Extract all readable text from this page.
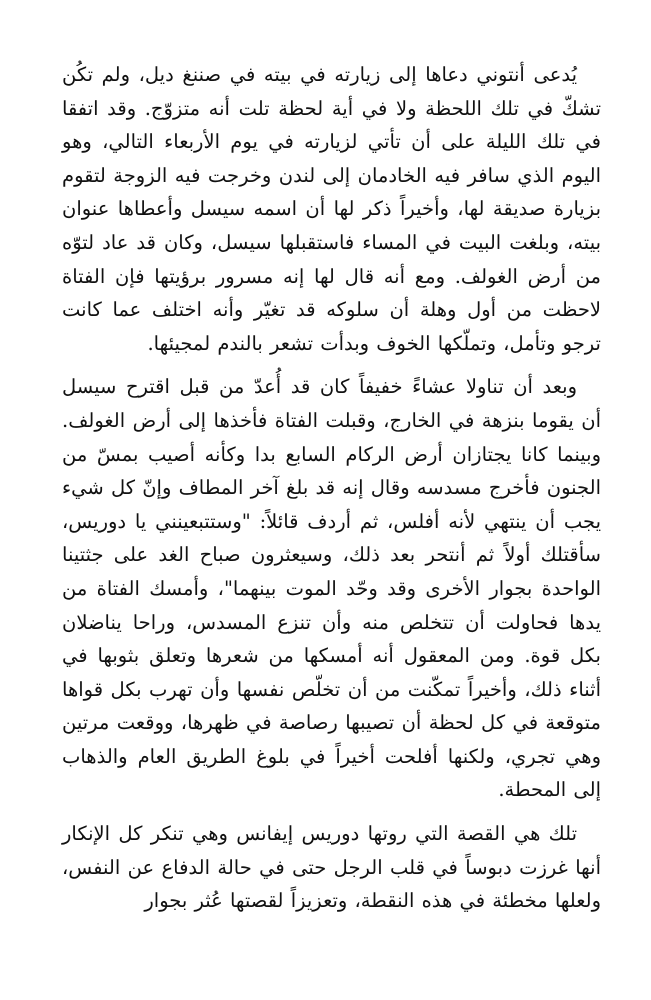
يُدعى أنتوني دعاها إلى زيارته في بيته في صننغ ديل، ولم تكُن تشكّ في تلك اللحظة ولا في أية لحظة تلت أنه متزوّج. وقد اتفقا في تلك الليلة على أن تأتي لزيارته في يوم الأربعاء التالي، وهو اليوم الذي سافر فيه الخادمان إلى لندن وخرجت فيه الزوجة لتقوم بزيارة صديقة لها، وأخيراً ذكر لها أن اسمه سيسل وأعطاها عنوان بيته، وبلغت البيت في المساء فاستقبلها سيسل، وكان قد عاد لتوّه من أرض الغولف. ومع أنه قال لها إنه مسرور برؤيتها فإن الفتاة لاحظت من أول وهلة أن سلوكه قد تغيّر وأنه اختلف عما كانت ترجو وتأمل، وتملّكها الخوف وبدأت تشعر بالندم لمجيئها.

وبعد أن تناولا عشاءً خفيفاً كان قد أُعدّ من قبل اقترح سيسل أن يقوما بنزهة في الخارج، وقبلت الفتاة فأخذها إلى أرض الغولف. وبينما كانا يجتازان أرض الركام السابع بدا وكأنه أصيب بمسّ من الجنون فأخرج مسدسه وقال إنه قد بلغ آخر المطاف وإنّ كل شيء يجب أن ينتهي لأنه أفلس، ثم أردف قائلاً: "وستتبعينني يا دوريس، سأقتلك أولاً ثم أنتحر بعد ذلك، وسيعثرون صباح الغد على جثتينا الواحدة بجوار الأخرى وقد وحّد الموت بينهما"، وأمسك الفتاة من يدها فحاولت أن تتخلص منه وأن تنزع المسدس، وراحا يناضلان بكل قوة. ومن المعقول أنه أمسكها من شعرها وتعلق بثوبها في أثناء ذلك، وأخيراً تمكّنت من أن تخلّص نفسها وأن تهرب بكل قواها متوقعة في كل لحظة أن تصيبها رصاصة في ظهرها، ووقعت مرتين وهي تجري، ولكنها أفلحت أخيراً في بلوغ الطريق العام والذهاب إلى المحطة.

تلك هي القصة التي روتها دوريس إيفانس وهي تنكر كل الإنكار أنها غرزت دبوساً في قلب الرجل حتى في حالة الدفاع عن النفس، ولعلها مخطئة في هذه النقطة، وتعزيزاً لقصتها عُثر بجوار
